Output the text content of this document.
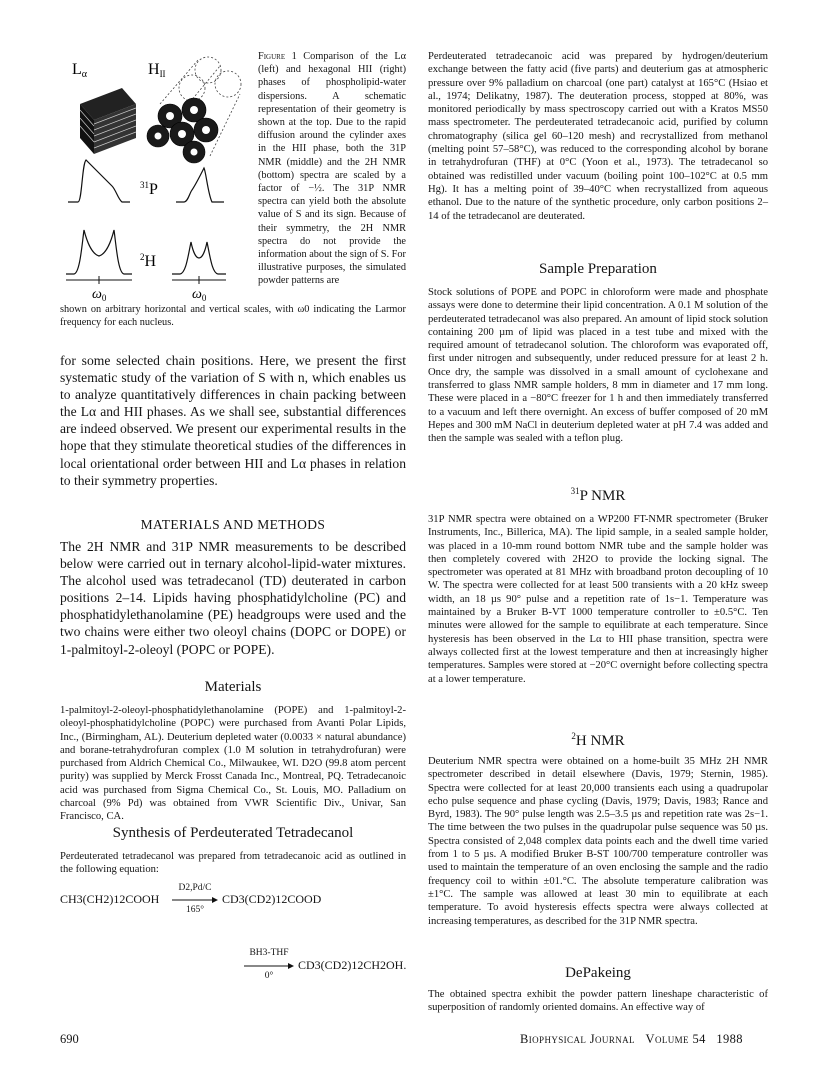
Lα	HII
$^{31}$P
$^2$H
$\omega_0$	$\omega_0$

Figure 1 Comparison of the Lα (left) and hexagonal HII (right) phases of phospholipid-water dispersions. A schematic representation of their geometry is shown at the top. Due to the rapid diffusion around the cylinder axes in the HII phase, both the 31P NMR (middle) and the 2H NMR (bottom) spectra are scaled by a factor of −½. The 31P NMR spectra can yield both the absolute value of S and its sign. Because of their symmetry, the 2H NMR spectra do not provide the information about the sign of S. For illustrative purposes, the simulated powder patterns are

shown on arbitrary horizontal and vertical scales, with ω0 indicating the Larmor frequency for each nucleus.

for some selected chain positions. Here, we present the first systematic study of the variation of S with n, which enables us to analyze quantitatively differences in chain packing between the Lα and HII phases. As we shall see, substantial differences are indeed observed. We present our experimental results in the hope that they stimulate theoretical studies of the differences in local orientational order between HII and Lα phases in relation to their symmetry properties.

MATERIALS AND METHODS

The 2H NMR and 31P NMR measurements to be described below were carried out in ternary alcohol-lipid-water mixtures. The alcohol used was tetradecanol (TD) deuterated in carbon positions 2–14. Lipids having phosphatidylcholine (PC) and phosphatidylethanolamine (PE) headgroups were used and the two chains were either two oleoyl chains (DOPC or DOPE) or 1-palmitoyl-2-oleoyl (POPC or POPE).

Materials

1-palmitoyl-2-oleoyl-phosphatidylethanolamine (POPE) and 1-palmitoyl-2-oleoyl-phosphatidylcholine (POPC) were purchased from Avanti Polar Lipids, Inc., (Birmingham, AL). Deuterium depleted water (0.0033 × natural abundance) and borane-tetrahydrofuran complex (1.0 M solution in tetrahydrofuran) were purchased from Aldrich Chemical Co., Milwaukee, WI. D2O (99.8 atom percent purity) was supplied by Merck Frosst Canada Inc., Montreal, PQ. Tetradecanoic acid was purchased from Sigma Chemical Co., St. Louis, MO. Palladium on charcoal (9% Pd) was obtained from VWR Scientific Div., Univar, San Francisco, CA.

Synthesis of Perdeuterated Tetradecanol

Perdeuterated tetradecanol was prepared from tetradecanoic acid as outlined in the following equation:

CH3(CH2)12COOH
D2,Pd/C
165°
CD3(CD2)12COOD
BH3-THF
0°
CD3(CD2)12CH2OH.

Perdeuterated tetradecanoic acid was prepared by hydrogen/deuterium exchange between the fatty acid (five parts) and deuterium gas at atmospheric pressure over 9% palladium on charcoal (one part) catalyst at 165°C (Hsiao et al., 1974; Delikatny, 1987). The deuteration process, stopped at 80%, was monitored periodically by mass spectroscopy carried out with a Kratos MS50 mass spectrometer. The perdeuterated tetradecanoic acid, purified by column chromatography (silica gel 60–120 mesh) and recrystallized from methanol (melting point 57–58°C), was reduced to the corresponding alcohol by borane in tetrahydrofuran (THF) at 0°C (Yoon et al., 1973). The tetradecanol so obtained was redistilled under vacuum (boiling point 100–102°C at 0.5 mm Hg). It has a melting point of 39–40°C when recrystallized from aqueous ethanol. Due to the nature of the synthetic procedure, only carbon positions 2–14 of the tetradecanol are deuterated.

Sample Preparation

Stock solutions of POPE and POPC in chloroform were made and phosphate assays were done to determine their lipid concentration. A 0.1 M solution of the perdeuterated tetradecanol was also prepared. An amount of lipid stock solution containing 200 µm of lipid was placed in a test tube and mixed with the required amount of tetradecanol solution. The chloroform was evaporated off, first under nitrogen and subsequently, under reduced pressure for at least 2 h. Once dry, the sample was dissolved in a small amount of cyclohexane and transferred to glass NMR sample holders, 8 mm in diameter and 17 mm long. These were placed in a −80°C freezer for 1 h and then immediately transferred to a vacuum and left there overnight. An excess of buffer composed of 20 mM Hepes and 300 mM NaCl in deuterium depleted water at pH 7.4 was added and then the sample was sealed with a teflon plug.

$^{31}$P NMR

31P NMR spectra were obtained on a WP200 FT-NMR spectrometer (Bruker Instruments, Inc., Billerica, MA). The lipid sample, in a sealed sample holder, was placed in a 10-mm round bottom NMR tube and the sample holder was then completely covered with 2H2O to provide the locking signal. The spectrometer was operated at 81 MHz with broadband proton decoupling of 10 W. The spectra were collected for at least 500 transients with a 20 kHz sweep width, an 18 µs 90° pulse and a repetition rate of 1s−1. Temperature was maintained by a Bruker B-VT 1000 temperature controller to ±0.5°C. Ten minutes were allowed for the sample to equilibrate at each temperature. Since hysteresis has been observed in the Lα to HII phase transition, spectra were always collected first at the lowest temperature and then at increasingly higher temperatures. Samples were stored at −20°C overnight before collecting spectra at a lower temperature.

$^2$H NMR

Deuterium NMR spectra were obtained on a home-built 35 MHz 2H NMR spectrometer described in detail elsewhere (Davis, 1979; Sternin, 1985). Spectra were collected for at least 20,000 transients each using a quadrupolar echo pulse sequence and phase cycling (Davis, 1979; Davis, 1983; Rance and Byrd, 1983). The 90° pulse length was 2.5–3.5 µs and repetition rate was 2s−1. The time between the two pulses in the quadrupolar pulse sequence was 50 µs. Spectra consisted of 2,048 complex data points each and the dwell time varied from 1 to 5 µs. A modified Bruker B-ST 100/700 temperature controller was used to maintain the temperature of an oven enclosing the sample and the radio frequency coil to within ±01.°C. The absolute temperature calibration was ±1°C. The sample was allowed at least 30 min to equilibrate at each temperature. To avoid hysteresis effects spectra were always collected at increasing temperatures, as described for the 31P NMR spectra.

DePakeing

The obtained spectra exhibit the powder pattern lineshape characteristic of superposition of randomly oriented domains. An effective way of

690	Biophysical Journal Volume 54 1988
